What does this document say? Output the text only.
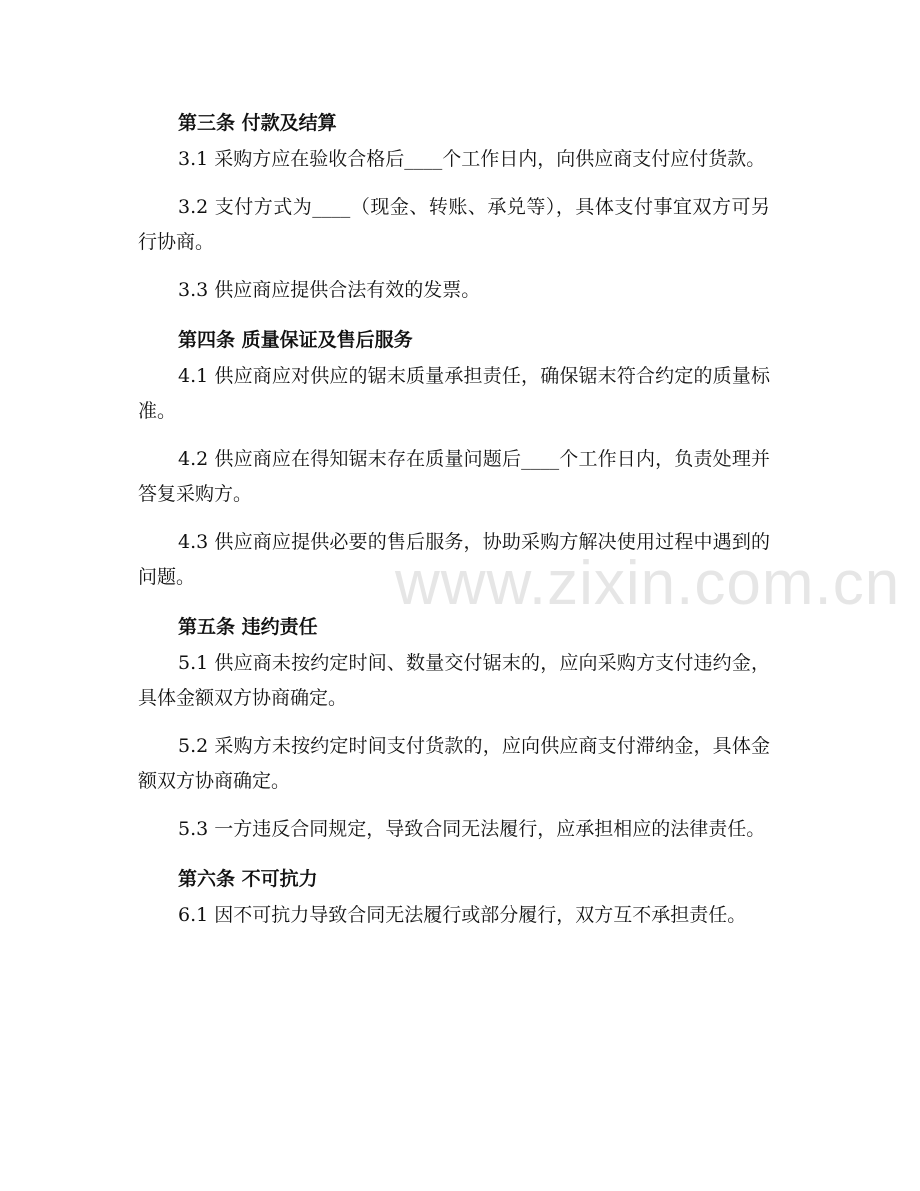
www.zixin.com.cn
第三条 付款及结算

3.1 采购方应在验收合格后____个工作日内，向供应商支付应付货款。

3.2 支付方式为____（现金、转账、承兑等），具体支付事宜双方可另行协商。

3.3 供应商应提供合法有效的发票。

第四条 质量保证及售后服务

4.1 供应商应对供应的锯末质量承担责任，确保锯末符合约定的质量标准。

4.2 供应商应在得知锯末存在质量问题后____个工作日内，负责处理并答复采购方。

4.3 供应商应提供必要的售后服务，协助采购方解决使用过程中遇到的问题。

第五条 违约责任

5.1 供应商未按约定时间、数量交付锯末的，应向采购方支付违约金，具体金额双方协商确定。

5.2 采购方未按约定时间支付货款的，应向供应商支付滞纳金，具体金额双方协商确定。

5.3 一方违反合同规定，导致合同无法履行，应承担相应的法律责任。

第六条 不可抗力

6.1 因不可抗力导致合同无法履行或部分履行，双方互不承担责任。
